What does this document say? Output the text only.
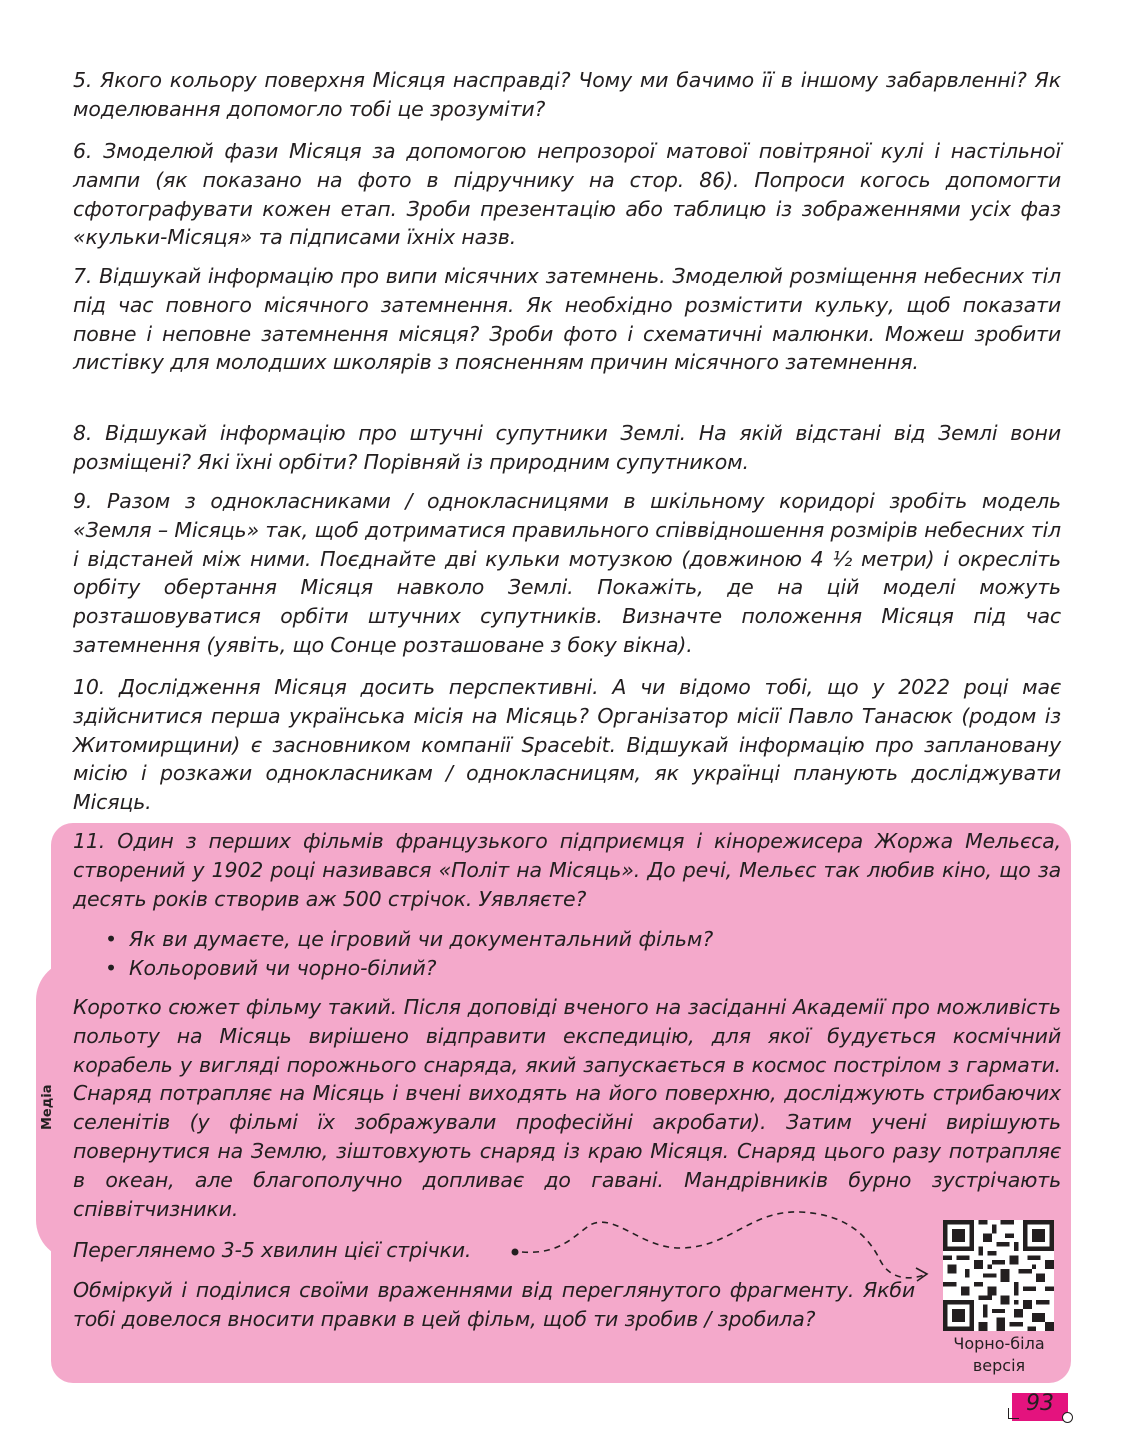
5. Якого кольору поверхня Місяця насправді? Чому ми бачимо її в іншому забарвленні? Як моделювання допомогло тобі це зрозуміти?

6. Змоделюй фази Місяця за допомогою непрозорої матової повітряної кулі і настільної лампи (як показано на фото в підручнику на стор. 86). Попроси когось допомогти сфотографувати кожен етап. Зроби презентацію або таблицю із зображеннями усіх фаз «кульки-Місяця» та підписами їхніх назв.

7. Відшукай інформацію про випи місячних затемнень. Змоделюй розміщення небесних тіл під час повного місячного затемнення. Як необхідно розмістити кульку, щоб показати повне і неповне затемнення місяця? Зроби фото і схематичні малюнки. Можеш зробити листівку для молодших школярів з поясненням причин місячного затемнення.

8. Відшукай інформацію про штучні супутники Землі. На якій відстані від Землі вони розміщені? Які їхні орбіти? Порівняй із природним супутником.

9. Разом з однокласниками / однокласницями в шкільному коридорі зробіть модель «Земля – Місяць» так, щоб дотриматися правильного співвідношення розмірів небесних тіл і відстаней між ними. Поєднайте дві кульки мотузкою (довжиною 4 ½ метри) і окресліть орбіту обертання Місяця навколо Землі. Покажіть, де на цій моделі можуть розташовуватися орбіти штучних супутників. Визначте положення Місяця під час затемнення (уявіть, що Сонце розташоване з боку вікна).

10. Дослідження Місяця досить перспективні. А чи відомо тобі, що у 2022 році має здійснитися перша українська місія на Місяць? Організатор місії Павло Танасюк (родом із Житомирщини) є засновником компанії Spacebit. Відшукай інформацію про заплановану місію і розкажи однокласникам / однокласницям, як українці планують досліджувати Місяць.

Медіа

11. Один з перших фільмів французького підприємця і кінорежисера Жоржа Мельєса, створений у 1902 році називався «Політ на Місяць». До речі, Мельєс так любив кіно, що за десять років створив аж 500 стрічок. Уявляєте?

• Як ви думаєте, це ігровий чи документальний фільм?
• Кольоровий чи чорно-білий?

Коротко сюжет фільму такий. Після доповіді вченого на засіданні Академії про можливість польоту на Місяць вирішено відправити експедицію, для якої будується космічний корабель у вигляді порожнього снаряда, який запускається в космос пострілом з гармати. Снаряд потрапляє на Місяць і вчені виходять на його поверхню, досліджують стрибаючих селенітів (у фільмі їх зображували професійні акробати). Затим учені вирішують повернутися на Землю, зіштовхують снаряд із краю Місяця. Снаряд цього разу потрапляє в океан, але благополучно допливає до гавані. Мандрівників бурно зустрічають співвітчизники.

Переглянемо 3-5 хвилин цієї стрічки.

Обміркуй і поділися своїми враженнями від переглянутого фрагменту. Якби тобі довелося вносити правки в цей фільм, щоб ти зробив / зробила?

Чорно-біла
версія
93
